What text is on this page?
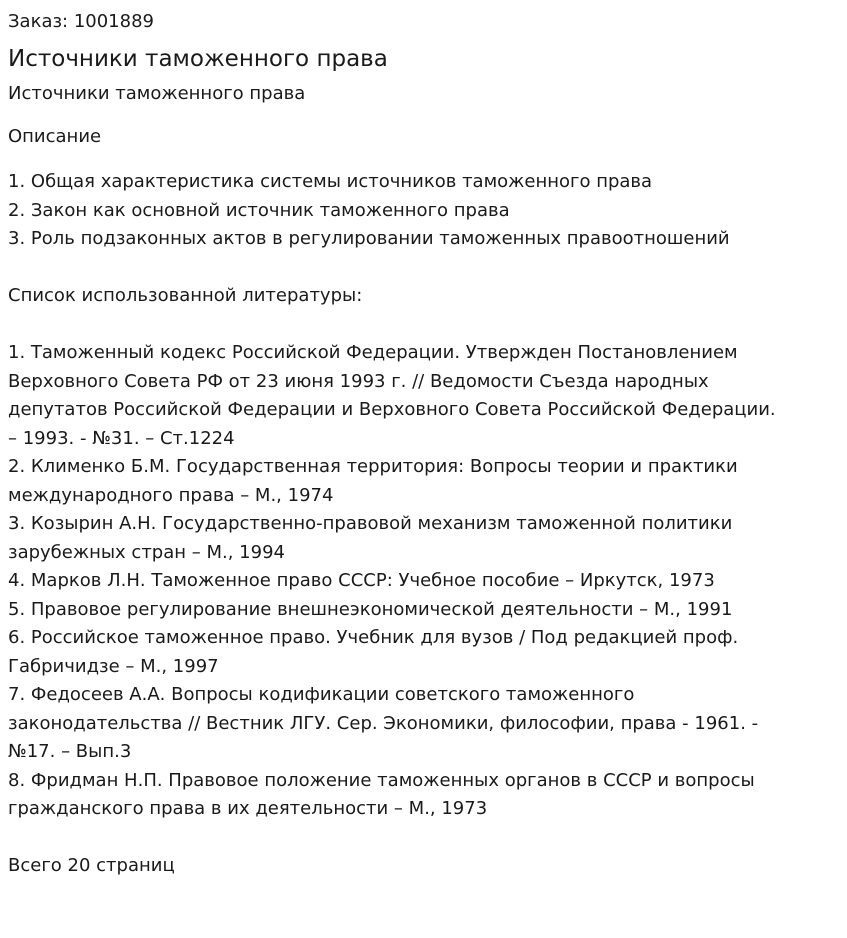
Заказ: 1001889

Источники таможенного права

Источники таможенного права

Описание

1. Общая характеристика системы источников таможенного права
2. Закон как основной источник таможенного права
3. Роль подзаконных актов в регулировании таможенных правоотношений
Список использованной литературы:
1. Таможенный кодекс Российской Федерации. Утвержден Постановлением
Верховного Совета РФ от 23 июня 1993 г. // Ведомости Съезда народных
депутатов Российской Федерации и Верховного Совета Российской Федерации.
– 1993. - №31. – Ст.1224
2. Клименко Б.М. Государственная территория: Вопросы теории и практики
международного права – М., 1974
3. Козырин А.Н. Государственно-правовой механизм таможенной политики
зарубежных стран – М., 1994
4. Марков Л.Н. Таможенное право СССР: Учебное пособие – Иркутск, 1973
5. Правовое регулирование внешнеэкономической деятельности – М., 1991
6. Российское таможенное право. Учебник для вузов / Под редакцией проф.
Габричидзе – М., 1997
7. Федосеев А.А. Вопросы кодификации советского таможенного
законодательства // Вестник ЛГУ. Сер. Экономики, философии, права - 1961. -
№17. – Вып.3
8. Фридман Н.П. Правовое положение таможенных органов в СССР и вопросы
гражданского права в их деятельности – М., 1973
Всего 20 страниц
